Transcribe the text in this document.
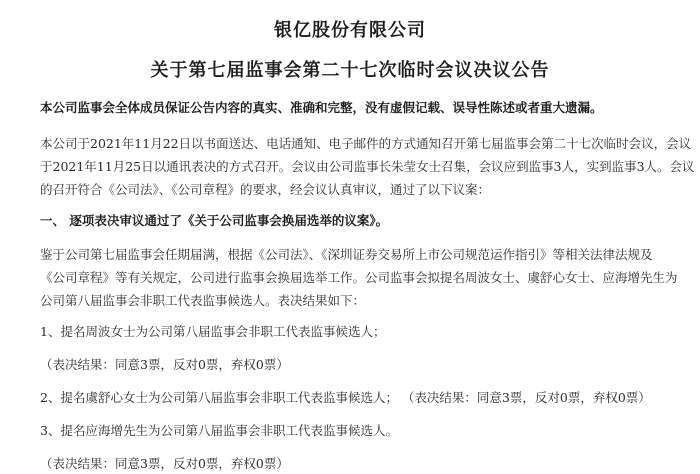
银亿股份有限公司
关于第七届监事会第二十七次临时会议决议公告
本公司监事会全体成员保证公告内容的真实、准确和完整，没有虚假记载、误导性陈述或者重大遗漏。
本公司于2021年11月22日以书面送达、电话通知、电子邮件的方式通知召开第七届监事会第二十七次临时会议，会议
于2021年11月25日以通讯表决的方式召开。会议由公司监事长朱莹女士召集，会议应到监事3人，实到监事3人。会议
的召开符合《公司法》、《公司章程》的要求，经会议认真审议，通过了以下议案：
一、 逐项表决审议通过了《关于公司监事会换届选举的议案》。
鉴于公司第七届监事会任期届满，根据《公司法》、《深圳证券交易所上市公司规范运作指引》等相关法律法规及
《公司章程》等有关规定，公司进行监事会换届选举工作。公司监事会拟提名周波女士、虞舒心女士、应海增先生为
公司第八届监事会非职工代表监事候选人。表决结果如下：
1、提名周波女士为公司第八届监事会非职工代表监事候选人；
（表决结果：同意3票，反对0票，弃权0票）
2、提名虞舒心女士为公司第八届监事会非职工代表监事候选人； （表决结果：同意3票，反对0票，弃权0票）
3、提名应海增先生为公司第八届监事会非职工代表监事候选人。
（表决结果：同意3票，反对0票，弃权0票）
